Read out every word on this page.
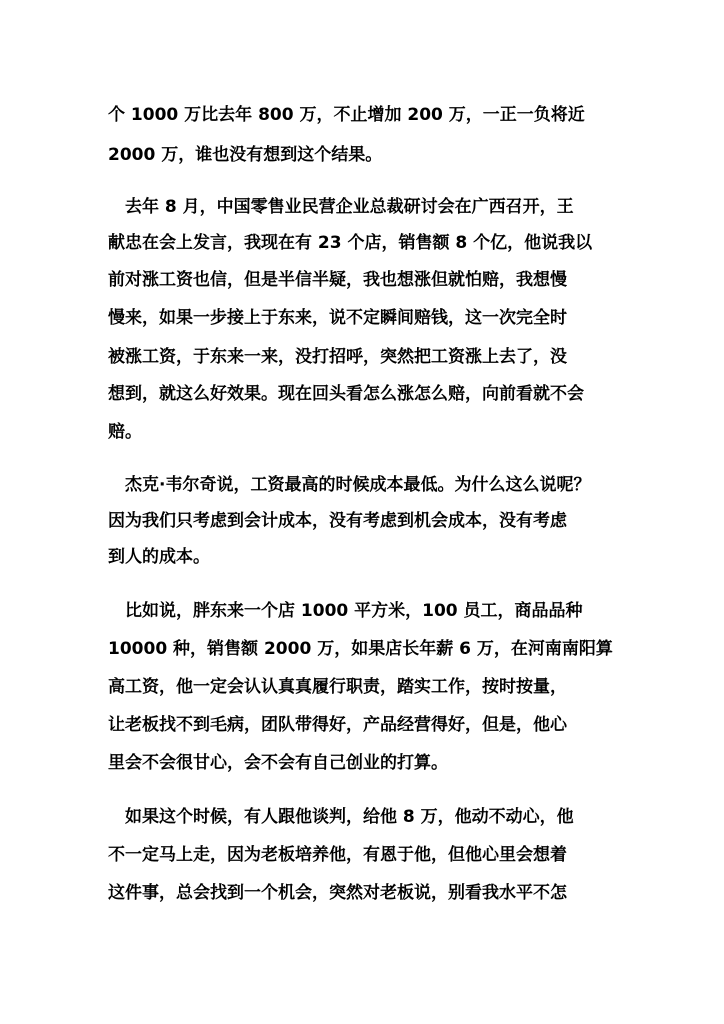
个 1000 万比去年 800 万，不止增加 200 万，一正一负将近
2000 万，谁也没有想到这个结果。
去年 8 月，中国零售业民营企业总裁研讨会在广西召开，王
献忠在会上发言，我现在有 23 个店，销售额 8 个亿，他说我以
前对涨工资也信，但是半信半疑，我也想涨但就怕赔，我想慢
慢来，如果一步接上于东来，说不定瞬间赔钱，这一次完全时
被涨工资，于东来一来，没打招呼，突然把工资涨上去了，没
想到，就这么好效果。现在回头看怎么涨怎么赔，向前看就不会
赔。
杰克·韦尔奇说，工资最高的时候成本最低。为什么这么说呢？
因为我们只考虑到会计成本，没有考虑到机会成本，没有考虑
到人的成本。
比如说，胖东来一个店 1000 平方米，100 员工，商品品种
10000 种，销售额 2000 万，如果店长年薪 6 万，在河南南阳算
高工资，他一定会认认真真履行职责，踏实工作，按时按量，
让老板找不到毛病，团队带得好，产品经营得好，但是，他心
里会不会很甘心，会不会有自己创业的打算。
如果这个时候，有人跟他谈判，给他 8 万，他动不动心，他
不一定马上走，因为老板培养他，有恩于他，但他心里会想着
这件事，总会找到一个机会，突然对老板说，别看我水平不怎
